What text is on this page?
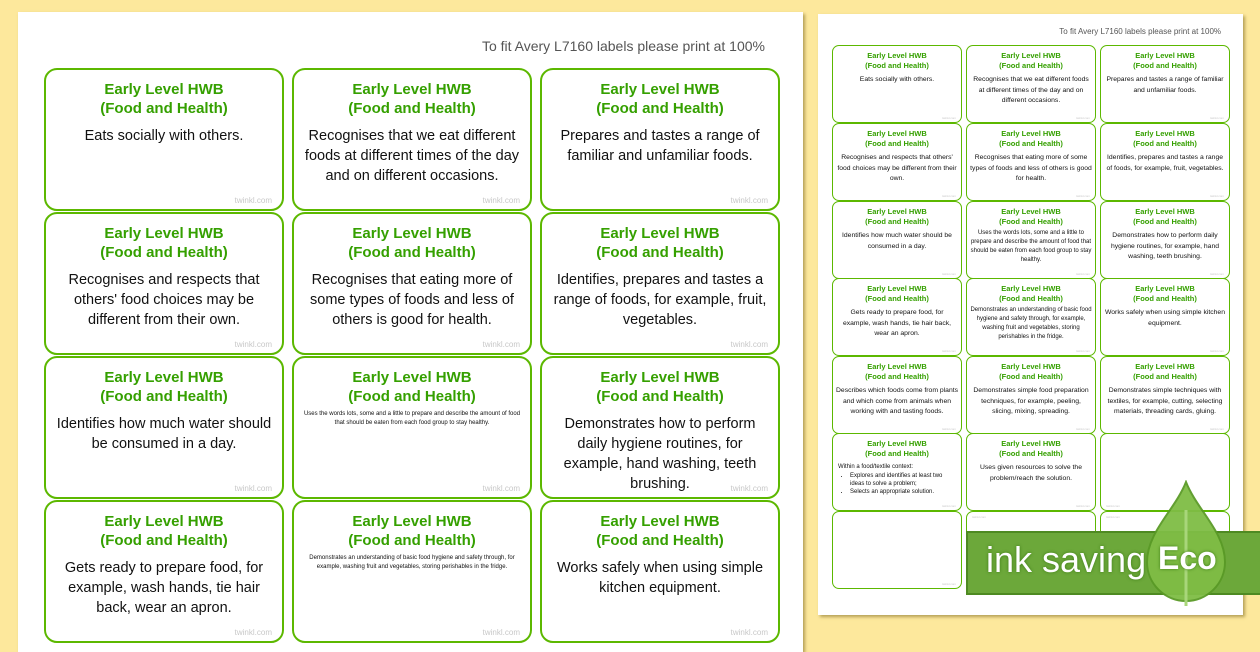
To fit Avery L7160 labels please print at 100%
Early Level HWB
(Food and Health)
Eats socially with others.
twinkl.com
Early Level HWB
(Food and Health)
Recognises that we eat different foods at different times of the day and on different occasions.
twinkl.com
Early Level HWB
(Food and Health)
Prepares and tastes a range of familiar and unfamiliar foods.
twinkl.com
Early Level HWB
(Food and Health)
Recognises and respects that others' food choices may be different from their own.
twinkl.com
Early Level HWB
(Food and Health)
Recognises that eating more of some types of foods and less of others is good for health.
twinkl.com
Early Level HWB
(Food and Health)
Identifies, prepares and tastes a range of foods, for example, fruit, vegetables.
twinkl.com
Early Level HWB
(Food and Health)
Identifies how much water should be consumed in a day.
twinkl.com
Early Level HWB
(Food and Health)
Uses the words lots, some and a little to prepare and describe the amount of food that should be eaten from each food group to stay healthy.
twinkl.com
Early Level HWB
(Food and Health)
Demonstrates how to perform daily hygiene routines, for example, hand washing, teeth brushing.	twinkl.com
Early Level HWB
(Food and Health)
Gets ready to prepare food, for example, wash hands, tie hair back, wear an apron.
twinkl.com
Early Level HWB
(Food and Health)
Demonstrates an understanding of basic food hygiene and safety through, for example, washing fruit and vegetables, storing perishables in the fridge.
twinkl.com
Early Level HWB
(Food and Health)
Works safely when using simple kitchen equipment.
twinkl.com
To fit Avery L7160 labels please print at 100%
Early Level HWB
(Food and Health)
Eats socially with others.
twinkl.com
Early Level HWB
(Food and Health)
Recognises that we eat different foods at different times of the day and on different occasions.
twinkl.com
Early Level HWB
(Food and Health)
Prepares and tastes a range of familiar and unfamiliar foods.
twinkl.com
Early Level HWB
(Food and Health)
Recognises and respects that others' food choices may be different from their own.
twinkl.com
Early Level HWB
(Food and Health)
Recognises that eating more of some types of foods and less of others is good for health.
twinkl.com
Early Level HWB
(Food and Health)
Identifies, prepares and tastes a range of foods, for example, fruit, vegetables.
twinkl.com
Early Level HWB
(Food and Health)
Identifies how much water should be consumed in a day.
twinkl.com
Early Level HWB
(Food and Health)
Uses the words lots, some and a little to prepare and describe the amount of food that should be eaten from each food group to stay healthy.
twinkl.com
Early Level HWB
(Food and Health)
Demonstrates how to perform daily hygiene routines, for example, hand washing, teeth brushing.
twinkl.com
Early Level HWB
(Food and Health)
Gets ready to prepare food, for example, wash hands, tie hair back, wear an apron.
twinkl.com
Early Level HWB
(Food and Health)
Demonstrates an understanding of basic food hygiene and safety through, for example, washing fruit and vegetables, storing perishables in the fridge.
twinkl.com
Early Level HWB
(Food and Health)
Works safely when using simple kitchen equipment.
twinkl.com
Early Level HWB
(Food and Health)
Describes which foods come from plants and which come from animals when working with and tasting foods.
twinkl.com
Early Level HWB
(Food and Health)
Demonstrates simple food preparation techniques, for example, peeling, slicing, mixing, spreading.
twinkl.com
Early Level HWB
(Food and Health)
Demonstrates simple techniques with textiles, for example, cutting, selecting materials, threading cards, gluing.
twinkl.com
Early Level HWB
(Food and Health)
Within a food/textile context:
• Explores and identifies at least two ideas to solve a problem;
• Selects an appropriate solution.
twinkl.com
Early Level HWB
(Food and Health)
Uses given resources to solve the problem/reach the solution.
twinkl.com	twinkl.com
twinkl.com
twinkl.com	twinkl.com
ink saving Eco
